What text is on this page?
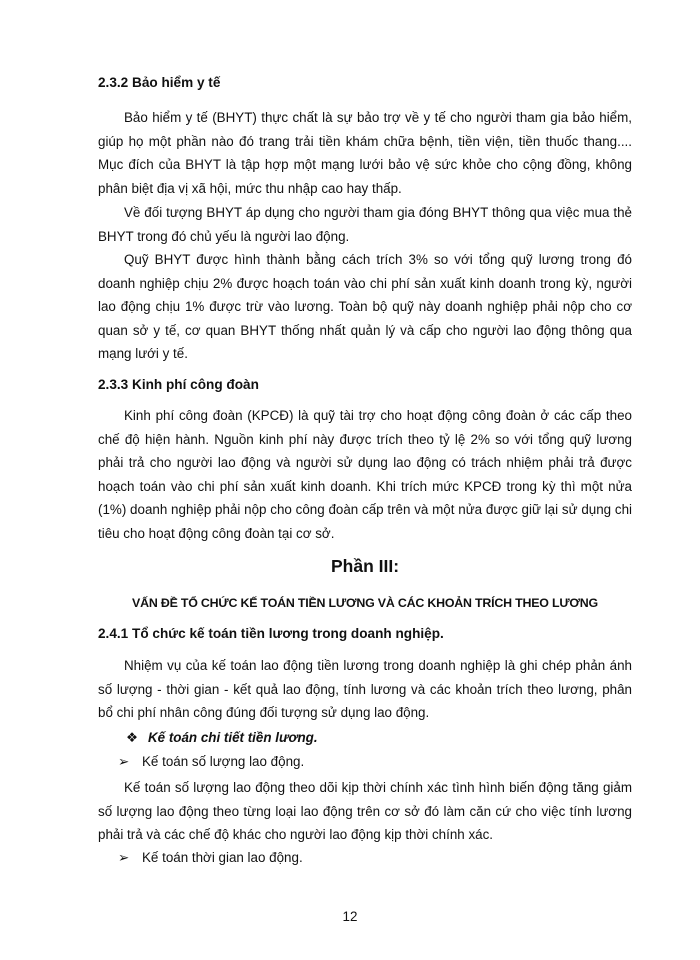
2.3.2 Bảo hiểm y tế

Bảo hiểm y tế (BHYT) thực chất là sự bảo trợ về y tế cho người tham gia bảo hiểm, giúp họ một phần nào đó trang trải tiền khám chữa bệnh, tiền viện, tiền thuốc thang.... Mục đích của BHYT là tập hợp một mạng lưới bảo vệ sức khỏe cho cộng đồng, không phân biệt địa vị xã hội, mức thu nhập cao hay thấp.

Về đối tượng BHYT áp dụng cho người tham gia đóng BHYT thông qua việc mua thẻ BHYT trong đó chủ yếu là người lao động.

Quỹ BHYT được hình thành bằng cách trích 3% so với tổng quỹ lương trong đó doanh nghiệp chịu 2% được hoạch toán vào chi phí sản xuất kinh doanh trong kỳ, người lao động chịu 1% được trừ vào lương. Toàn bộ quỹ này doanh nghiệp phải nộp cho cơ quan sở y tế, cơ quan BHYT thống nhất quản lý và cấp cho người lao động thông qua mạng lưới y tế.

2.3.3 Kinh phí công đoàn

Kinh phí công đoàn (KPCĐ) là quỹ tài trợ cho hoạt động công đoàn ở các cấp theo chế độ hiện hành. Nguồn kinh phí này được trích theo tỷ lệ 2% so với tổng quỹ lương phải trả cho người lao động và người sử dụng lao động có trách nhiệm phải trả được hoạch toán vào chi phí sản xuất kinh doanh. Khi trích mức KPCĐ trong kỳ thì một nửa (1%) doanh nghiệp phải nộp cho công đoàn cấp trên và một nửa được giữ lại sử dụng chi tiêu cho hoạt động công đoàn tại cơ sở.

Phần III:
VẤN ĐỀ TỔ CHỨC KẾ TOÁN TIỀN LƯƠNG VÀ CÁC KHOẢN TRÍCH THEO LƯƠNG
2.4.1 Tổ chức kế toán tiền lương trong doanh nghiệp.

Nhiệm vụ của kế toán lao động tiền lương trong doanh nghiệp là ghi chép phản ánh số lượng - thời gian - kết quả lao động, tính lương và các khoản trích theo lương, phân bổ chi phí nhân công đúng đối tượng sử dụng lao động.

❖ Kế toán chi tiết tiền lương.
➢ Kế toán số lượng lao động.

Kế toán số lượng lao động theo dõi kịp thời chính xác tình hình biến động tăng giảm số lượng lao động theo từng loại lao động trên cơ sở đó làm căn cứ cho việc tính lương phải trả và các chế độ khác cho người lao động kịp thời chính xác.

➢ Kế toán thời gian lao động.
12
